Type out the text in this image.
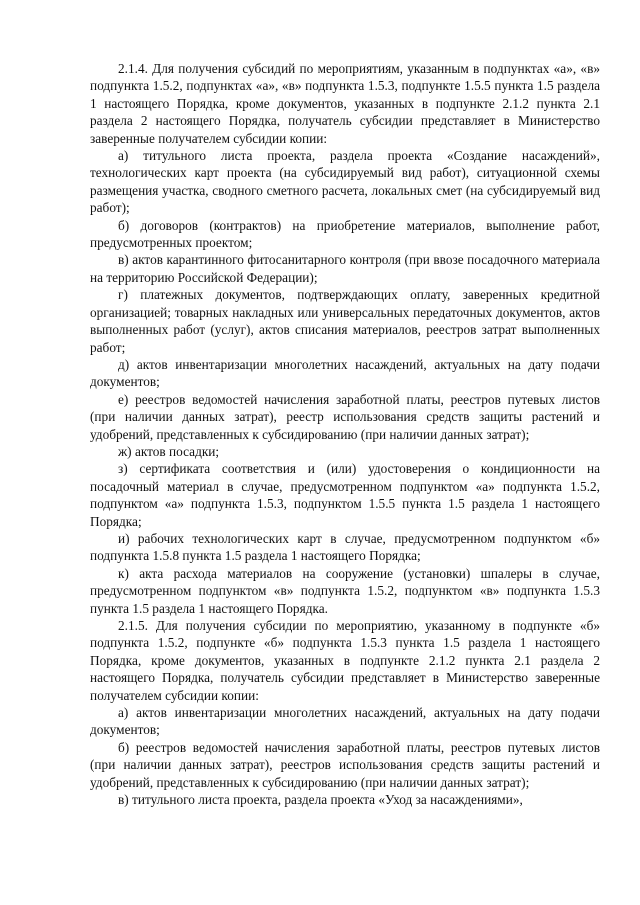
2.1.4. Для получения субсидий по мероприятиям, указанным в подпунктах «а», «в» подпункта 1.5.2, подпунктах «а», «в» подпункта 1.5.3, подпункте 1.5.5 пункта 1.5 раздела 1 настоящего Порядка, кроме документов, указанных в подпункте 2.1.2 пункта 2.1 раздела 2 настоящего Порядка, получатель субсидии представляет в Министерство заверенные получателем субсидии копии:

а) титульного листа проекта, раздела проекта «Создание насаждений», технологических карт проекта (на субсидируемый вид работ), ситуационной схемы размещения участка, сводного сметного расчета, локальных смет (на субсидируемый вид работ);

б) договоров (контрактов) на приобретение материалов, выполнение работ, предусмотренных проектом;

в) актов карантинного фитосанитарного контроля (при ввозе посадочного материала на территорию Российской Федерации);

г) платежных документов, подтверждающих оплату, заверенных кредитной организацией; товарных накладных или универсальных передаточных документов, актов выполненных работ (услуг), актов списания материалов, реестров затрат выполненных работ;

д) актов инвентаризации многолетних насаждений, актуальных на дату подачи документов;

е) реестров ведомостей начисления заработной платы, реестров путевых листов (при наличии данных затрат), реестр использования средств защиты растений и удобрений, представленных к субсидированию (при наличии данных затрат);

ж) актов посадки;

з) сертификата соответствия и (или) удостоверения о кондиционности на посадочный материал в случае, предусмотренном подпунктом «а» подпункта 1.5.2, подпунктом «а» подпункта 1.5.3, подпунктом 1.5.5 пункта 1.5 раздела 1 настоящего Порядка;

и) рабочих технологических карт в случае, предусмотренном подпунктом «б» подпункта 1.5.8 пункта 1.5 раздела 1 настоящего Порядка;

к) акта расхода материалов на сооружение (установки) шпалеры в случае, предусмотренном подпунктом «в» подпункта 1.5.2, подпунктом «в» подпункта 1.5.3 пункта 1.5 раздела 1 настоящего Порядка.

2.1.5. Для получения субсидии по мероприятию, указанному в подпункте «б» подпункта 1.5.2, подпункте «б» подпункта 1.5.3 пункта 1.5 раздела 1 настоящего Порядка, кроме документов, указанных в подпункте 2.1.2 пункта 2.1 раздела 2 настоящего Порядка, получатель субсидии представляет в Министерство заверенные получателем субсидии копии:

а) актов инвентаризации многолетних насаждений, актуальных на дату подачи документов;

б) реестров ведомостей начисления заработной платы, реестров путевых листов (при наличии данных затрат), реестров использования средств защиты растений и удобрений, представленных к субсидированию (при наличии данных затрат);

в) титульного листа проекта, раздела проекта «Уход за насаждениями»,
